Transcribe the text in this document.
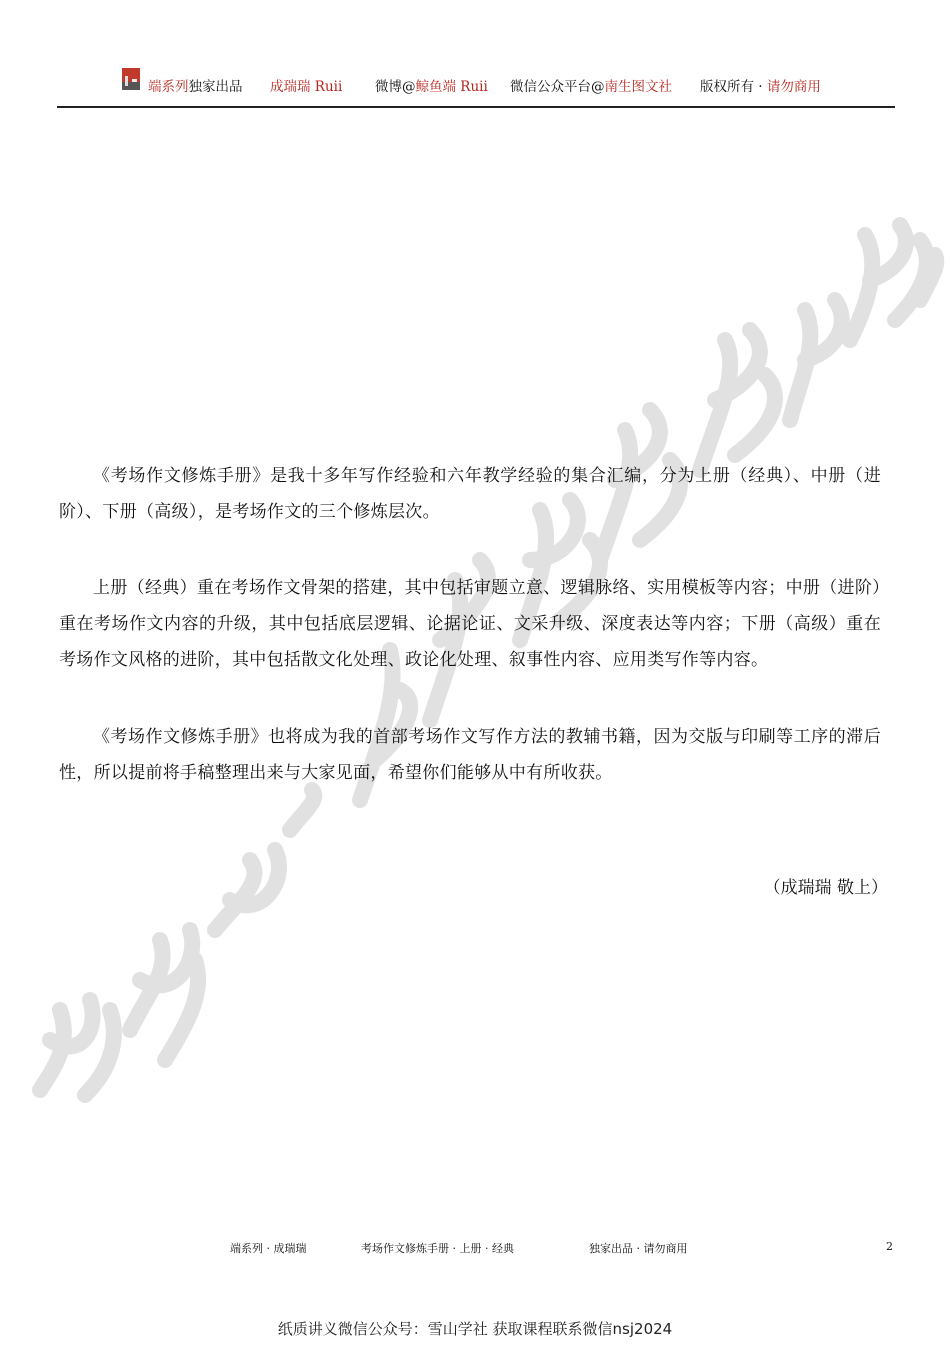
端系列独家出品 成瑞瑞 Ruii 微博@鲸鱼端 Ruii 微信公众平台@南生图文社 版权所有 · 请勿商用

《考场作文修炼手册》是我十多年写作经验和六年教学经验的集合汇编，分为上册（经典）、中册（进阶）、下册（高级），是考场作文的三个修炼层次。

上册（经典）重在考场作文骨架的搭建，其中包括审题立意、逻辑脉络、实用模板等内容；中册（进阶）重在考场作文内容的升级，其中包括底层逻辑、论据论证、文采升级、深度表达等内容；下册（高级）重在考场作文风格的进阶，其中包括散文化处理、政论化处理、叙事性内容、应用类写作等内容。

《考场作文修炼手册》也将成为我的首部考场作文写作方法的教辅书籍，因为交版与印刷等工序的滞后性，所以提前将手稿整理出来与大家见面，希望你们能够从中有所收获。

（成瑞瑞 敬上）
端系列 · 成瑞瑞	考场作文修炼手册 · 上册 · 经典	独家出品 · 请勿商用	2
纸质讲义微信公众号：雪山学社 获取课程联系微信nsj2024
